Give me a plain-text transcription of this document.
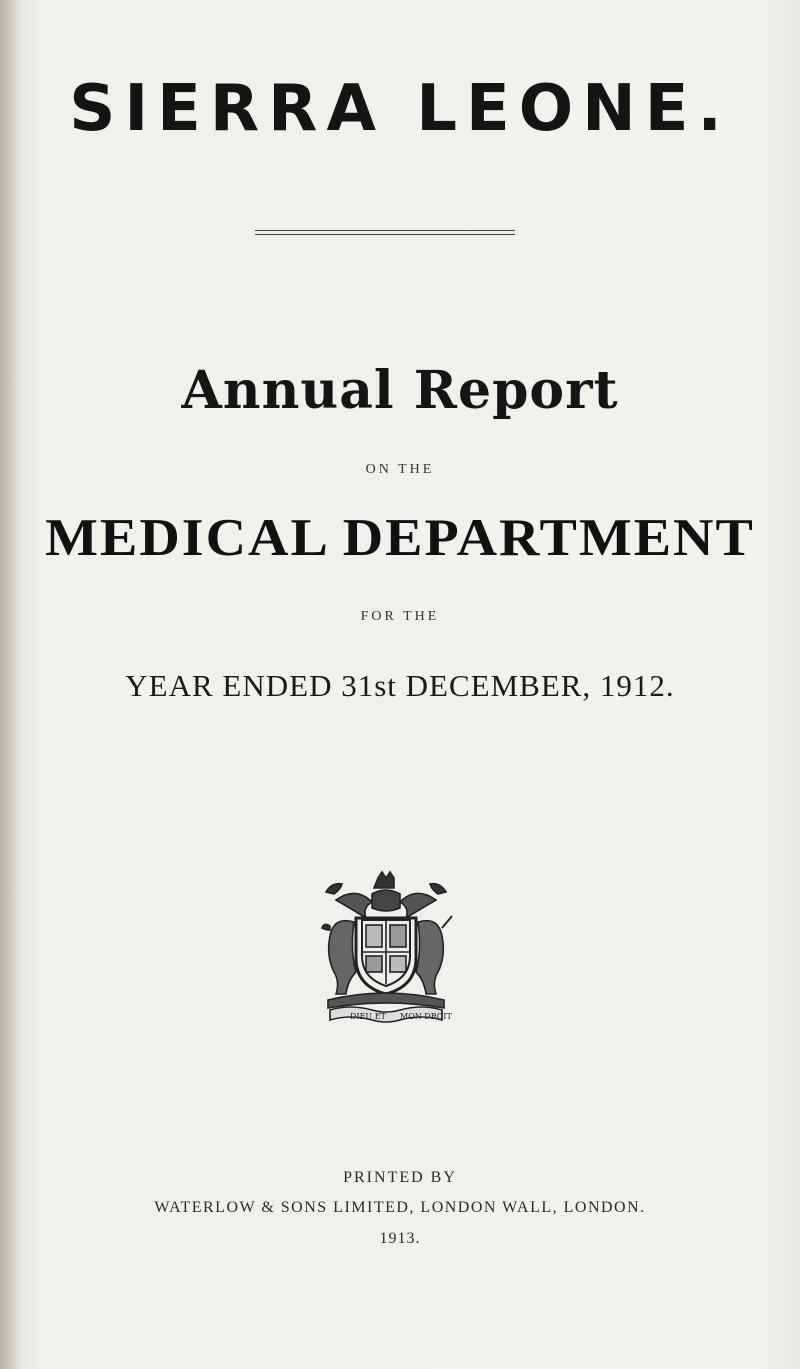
SIERRA LEONE.
Annual Report
ON THE
MEDICAL DEPARTMENT
FOR THE
YEAR ENDED 31st DECEMBER, 1912.
DIEU ET MON DROIT
PRINTED BY
WATERLOW & SONS LIMITED, LONDON WALL, LONDON.
1913.
